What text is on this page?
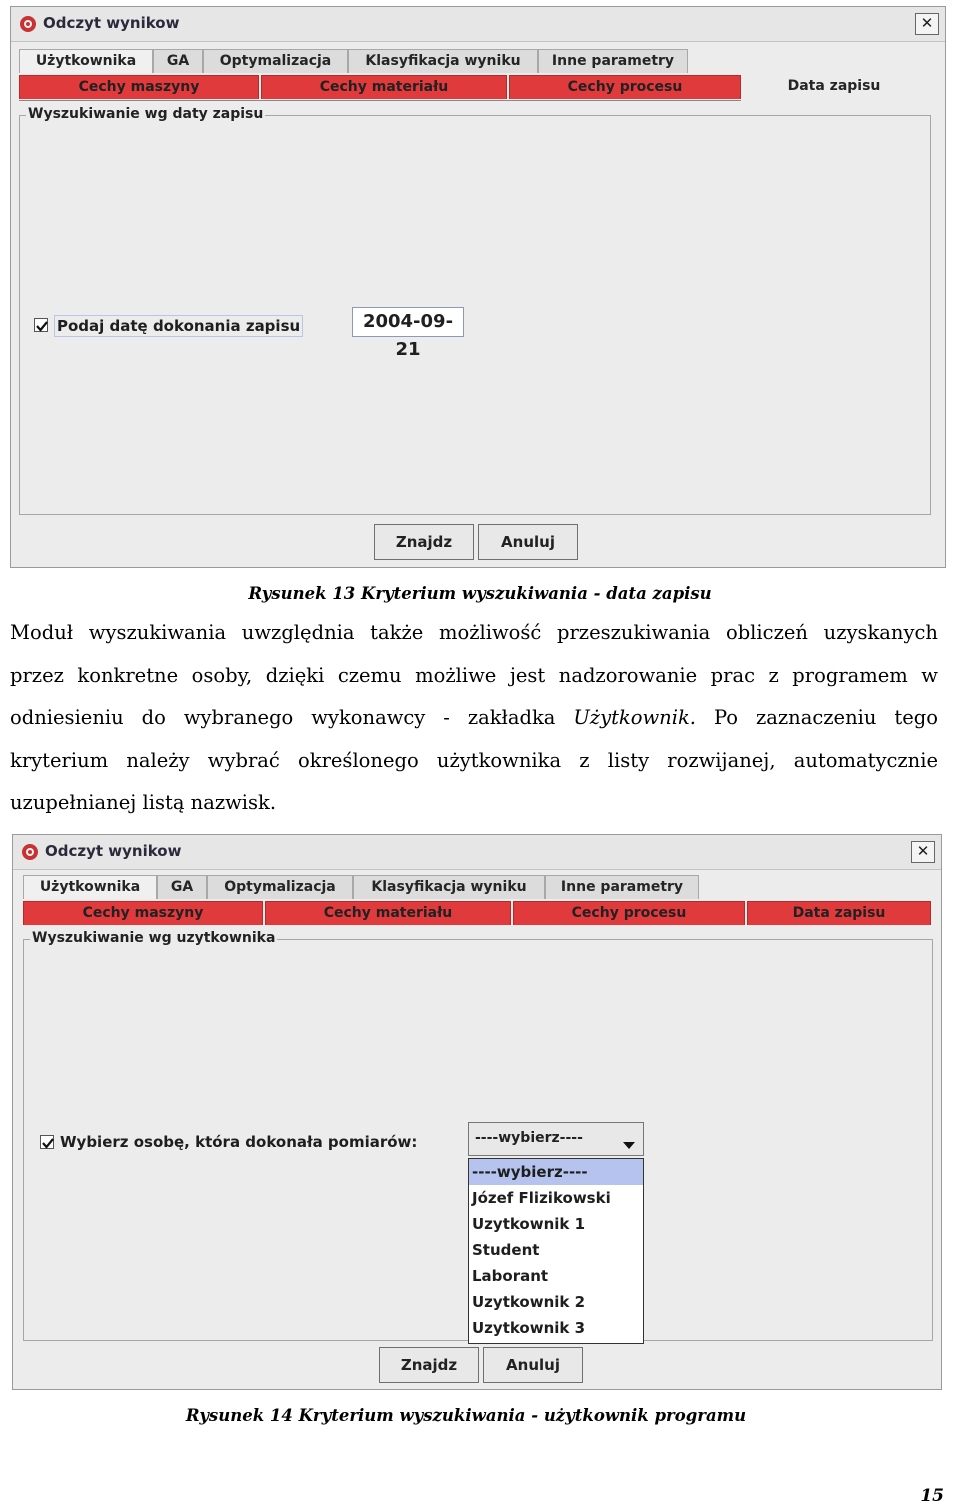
Odczyt wynikow	✕
Użytkownika	GA	Optymalizacja	Klasyfikacja wyniku	Inne parametry
Cechy maszyny	Cechy materiału	Cechy procesu	Data zapisu
Wyszukiwanie wg daty zapisu
Podaj datę dokonania zapisu	2004-09-21
Znajdz	Anuluj
Rysunek 13 Kryterium wyszukiwania - data zapisu
Moduł wyszukiwania uwzględnia także możliwość przeszukiwania obliczeń uzyskanych
przez konkretne osoby, dzięki czemu możliwe jest nadzorowanie prac z programem w
odniesieniu do wybranego wykonawcy - zakładka Użytkownik. Po zaznaczeniu tego
kryterium należy wybrać określonego użytkownika z listy rozwijanej, automatycznie
uzupełnianej listą nazwisk.
Odczyt wynikow	✕
Użytkownika	GA	Optymalizacja	Klasyfikacja wyniku	Inne parametry
Cechy maszyny	Cechy materiału	Cechy procesu	Data zapisu
Wyszukiwanie wg uzytkownika
Wybierz osobę, która dokonała pomiarów:	----wybierz----
----wybierz----
Józef Flizikowski
Uzytkownik 1
Student
Laborant
Uzytkownik 2
Uzytkownik 3
Znajdz	Anuluj
Rysunek 14 Kryterium wyszukiwania - użytkownik programu
15
